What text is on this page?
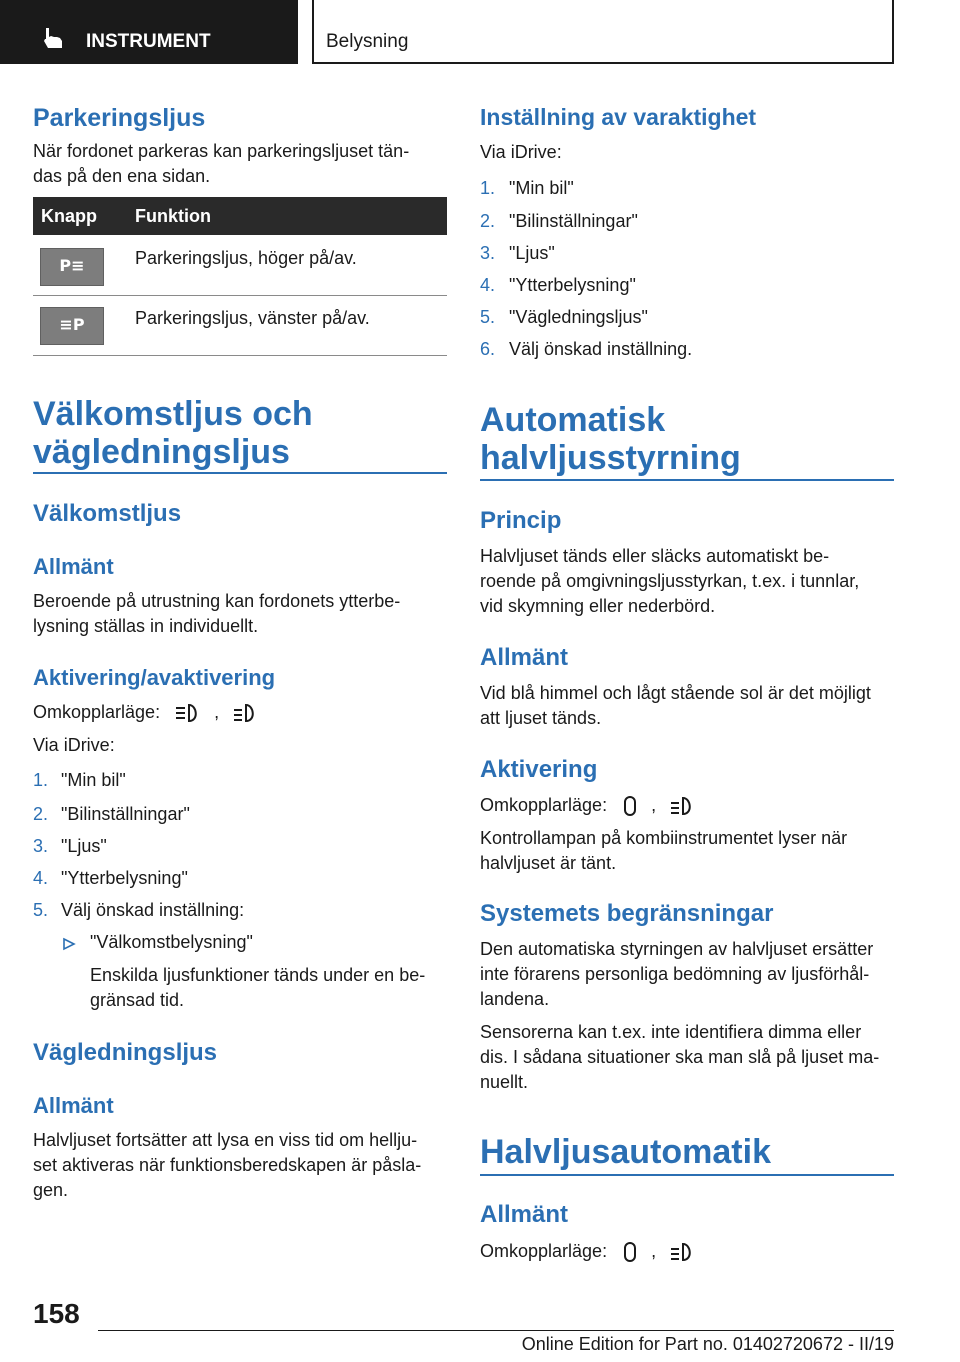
INSTRUMENT	Belysning
Parkeringsljus
När fordonet parkeras kan parkeringsljuset tän-
das på den ena sidan.
Knapp Funktion
P≡	Parkeringsljus, höger på/av.
≡P	Parkeringsljus, vänster på/av.
Välkomstljus och
vägledningsljus
Välkomstljus
Allmänt
Beroende på utrustning kan fordonets ytterbe-
lysning ställas in individuellt.
Aktivering/avaktivering
Omkopplarläge:	,
Via iDrive:
1. "Min bil"
2. "Bilinställningar"
3. "Ljus"
4. "Ytterbelysning"
5. Välj önskad inställning:
"Välkomstbelysning"
Enskilda ljusfunktioner tänds under en be-
gränsad tid.
Vägledningsljus
Allmänt
Halvljuset fortsätter att lysa en viss tid om hellju-
set aktiveras när funktionsberedskapen är påsla-
gen.
Inställning av varaktighet
Via iDrive:
1. "Min bil"
2. "Bilinställningar"
3. "Ljus"
4. "Ytterbelysning"
5. "Vägledningsljus"
6. Välj önskad inställning.
Automatisk
halvljusstyrning
Princip
Halvljuset tänds eller släcks automatiskt be-
roende på omgivningsljusstyrkan, t.ex. i tunnlar,
vid skymning eller nederbörd.
Allmänt
Vid blå himmel och lågt stående sol är det möjligt
att ljuset tänds.
Aktivering
Omkopplarläge: ,
Kontrollampan på kombiinstrumentet lyser när
halvljuset är tänt.
Systemets begränsningar
Den automatiska styrningen av halvljuset ersätter
inte förarens personliga bedömning av ljusförhål-
landena.
Sensorerna kan t.ex. inte identifiera dimma eller
dis. I sådana situationer ska man slå på ljuset ma-
nuellt.
Halvljusautomatik
Allmänt
Omkopplarläge: ,
158
Online Edition for Part no. 01402720672 - II/19
